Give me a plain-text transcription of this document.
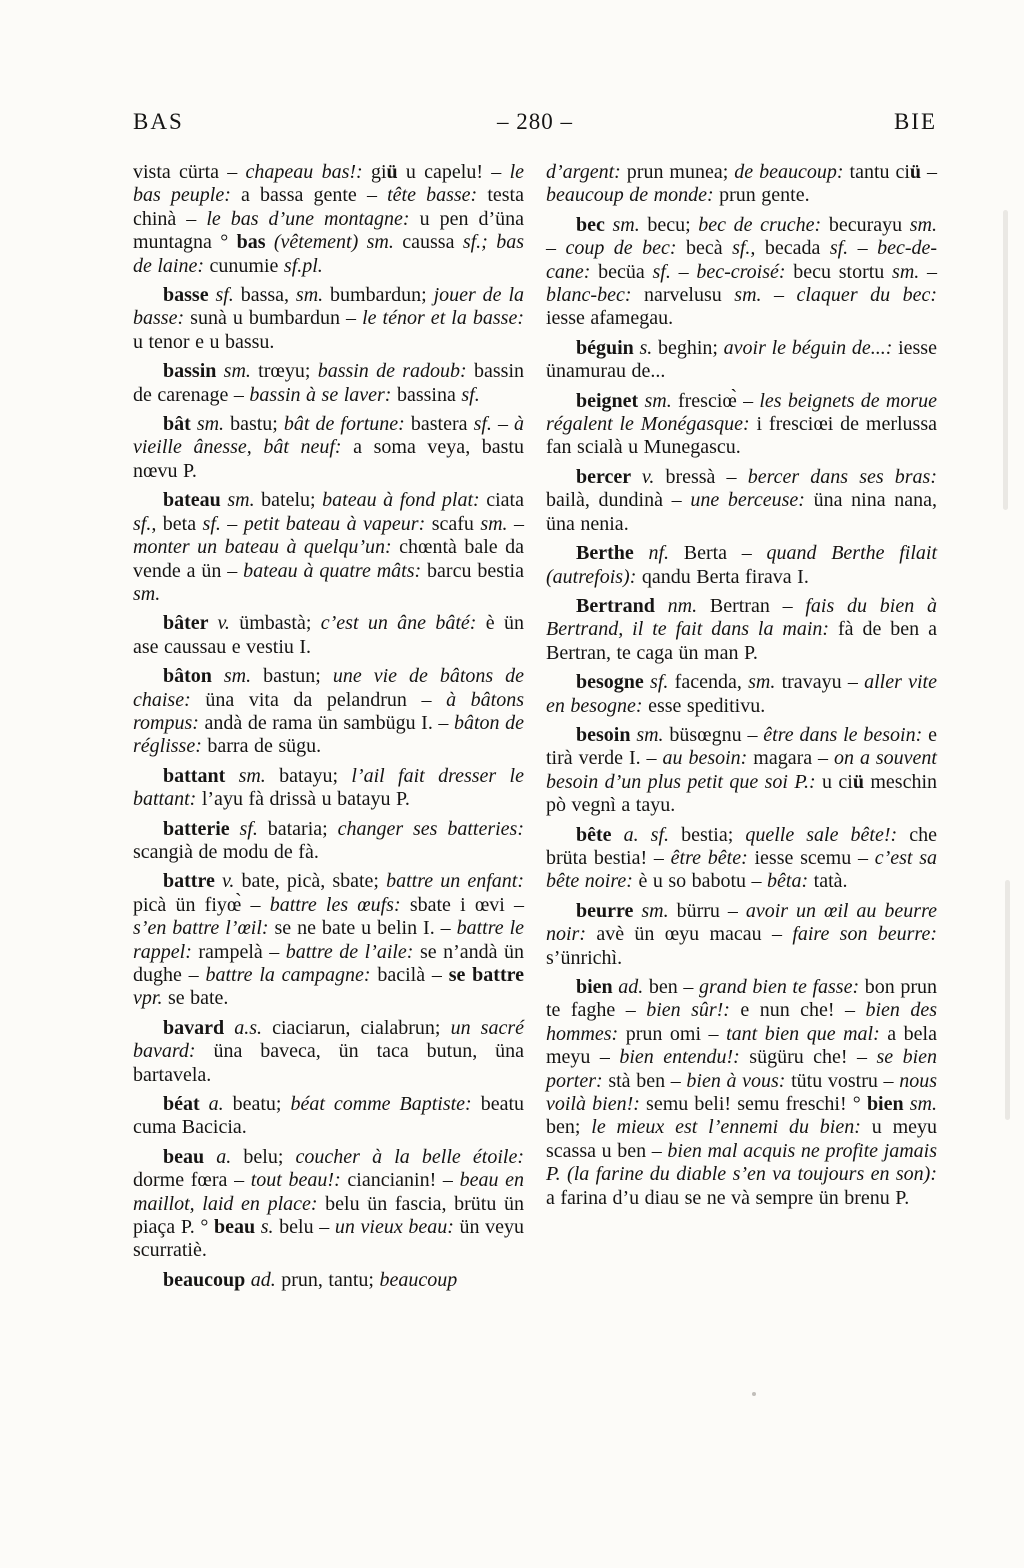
BAS	– 280 –	BIE

vista cürta – chapeau bas!: giü u capelu! – le bas peuple: a bassa gente – tête basse: testa chinà – le bas d’une montagne: u pen d’üna muntagna ° bas (vêtement) sm. caussa sf.; bas de laine: cunumie sf.pl.

basse sf. bassa, sm. bumbardun; jouer de la basse: sunà u bumbardun – le ténor et la basse: u tenor e u bassu.

bassin sm. trœyu; bassin de radoub: bassin de carenage – bassin à se laver: bassina sf.

bât sm. bastu; bât de fortune: bastera sf. – à vieille ânesse, bât neuf: a soma veya, bastu nœvu P.

bateau sm. batelu; bateau à fond plat: ciata sf., beta sf. – petit bateau à vapeur: scafu sm. – monter un bateau à quelqu’un: chœntà bale da vende a ün – bateau à quatre mâts: barcu bestia sm.

bâter v. ümbastà; c’est un âne bâté: è ün ase caussau e vestiu I.

bâton sm. bastun; une vie de bâtons de chaise: üna vita da pelandrun – à bâtons rompus: andà de rama ün sambügu I. – bâton de réglisse: barra de sügu.

battant sm. batayu; l’ail fait dresser le battant: l’ayu fà drissà u batayu P.

batterie sf. bataria; changer ses batteries: scangià de modu de fà.

battre v. bate, picà, sbate; battre un enfant: picà ün fiyœ̀ – battre les œufs: sbate i œvi – s’en battre l’œil: se ne bate u belin I. – battre le rappel: rampelà – battre de l’aile: se n’andà ün dughe – battre la campagne: bacilà – se battre vpr. se bate.

bavard a.s. ciaciarun, cialabrun; un sacré bavard: üna baveca, ün taca butun, üna bartavela.

béat a. beatu; béat comme Baptiste: beatu cuma Bacicia.

beau a. belu; coucher à la belle étoile: dorme fœra – tout beau!: ciancianin! – beau en maillot, laid en place: belu ün fascia, brütu ün piaça P. ° beau s. belu – un vieux beau: ün veyu scurratiè.

beaucoup ad. prun, tantu; beaucoup

d’argent: prun munea; de beaucoup: tantu ciü – beaucoup de monde: prun gente.

bec sm. becu; bec de cruche: becurayu sm. – coup de bec: becà sf., becada sf. – bec-de-cane: becüa sf. – bec-croisé: becu stortu sm. – blanc-bec: narvelusu sm. – claquer du bec: iesse afamegau.

béguin s. beghin; avoir le béguin de...: iesse ünamurau de...

beignet sm. fresciœ̀ – les beignets de morue régalent le Monégasque: i fresciœi de merlussa fan scialà u Munegascu.

bercer v. bressà – bercer dans ses bras: bailà, dundinà – une berceuse: üna nina nana, üna nenia.

Berthe nf. Berta – quand Berthe filait (autrefois): qandu Berta firava I.

Bertrand nm. Bertran – fais du bien à Bertrand, il te fait dans la main: fà de ben a Bertran, te caga ün man P.

besogne sf. facenda, sm. travayu – aller vite en besogne: esse speditivu.

besoin sm. büsœgnu – être dans le besoin: e tirà verde I. – au besoin: magara – on a souvent besoin d’un plus petit que soi P.: u ciü meschin pò vegnì a tayu.

bête a. sf. bestia; quelle sale bête!: che brüta bestia! – être bête: iesse scemu – c’est sa bête noire: è u so babotu – bêta: tatà.

beurre sm. bürru – avoir un œil au beurre noir: avè ün œyu macau – faire son beurre: s’ünrichì.

bien ad. ben – grand bien te fasse: bon prun te faghe – bien sûr!: e nun che! – bien des hommes: prun omi – tant bien que mal: a bela meyu – bien entendu!: sügüru che! – se bien porter: stà ben – bien à vous: tütu vostru – nous voilà bien!: semu beli! semu freschi! ° bien sm. ben; le mieux est l’ennemi du bien: u meyu scassa u ben – bien mal acquis ne profite jamais P. (la farine du diable s’en va toujours en son): a farina d’u diau se ne và sempre ün brenu P.
